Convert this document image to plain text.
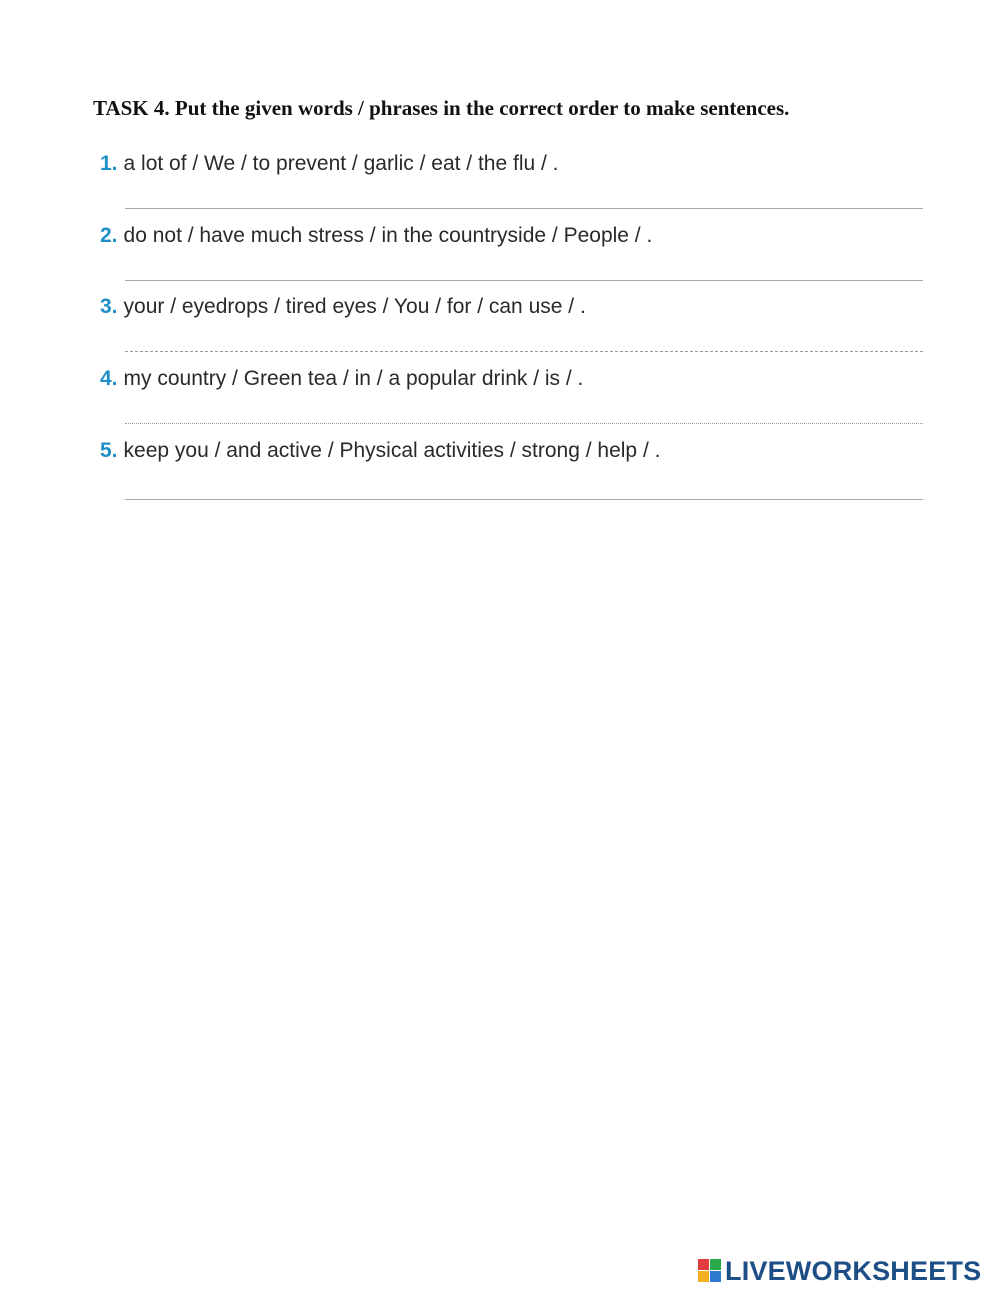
TASK 4. Put the given words / phrases in the correct order to make sentences.
1. a lot of / We / to prevent / garlic / eat / the flu / .
2. do not / have much stress / in the countryside / People / .
3. your / eyedrops / tired eyes / You / for / can use / .
4. my country / Green tea / in / a popular drink / is / .
5. keep you / and active / Physical activities / strong / help / .
LIVEWORKSHEETS
